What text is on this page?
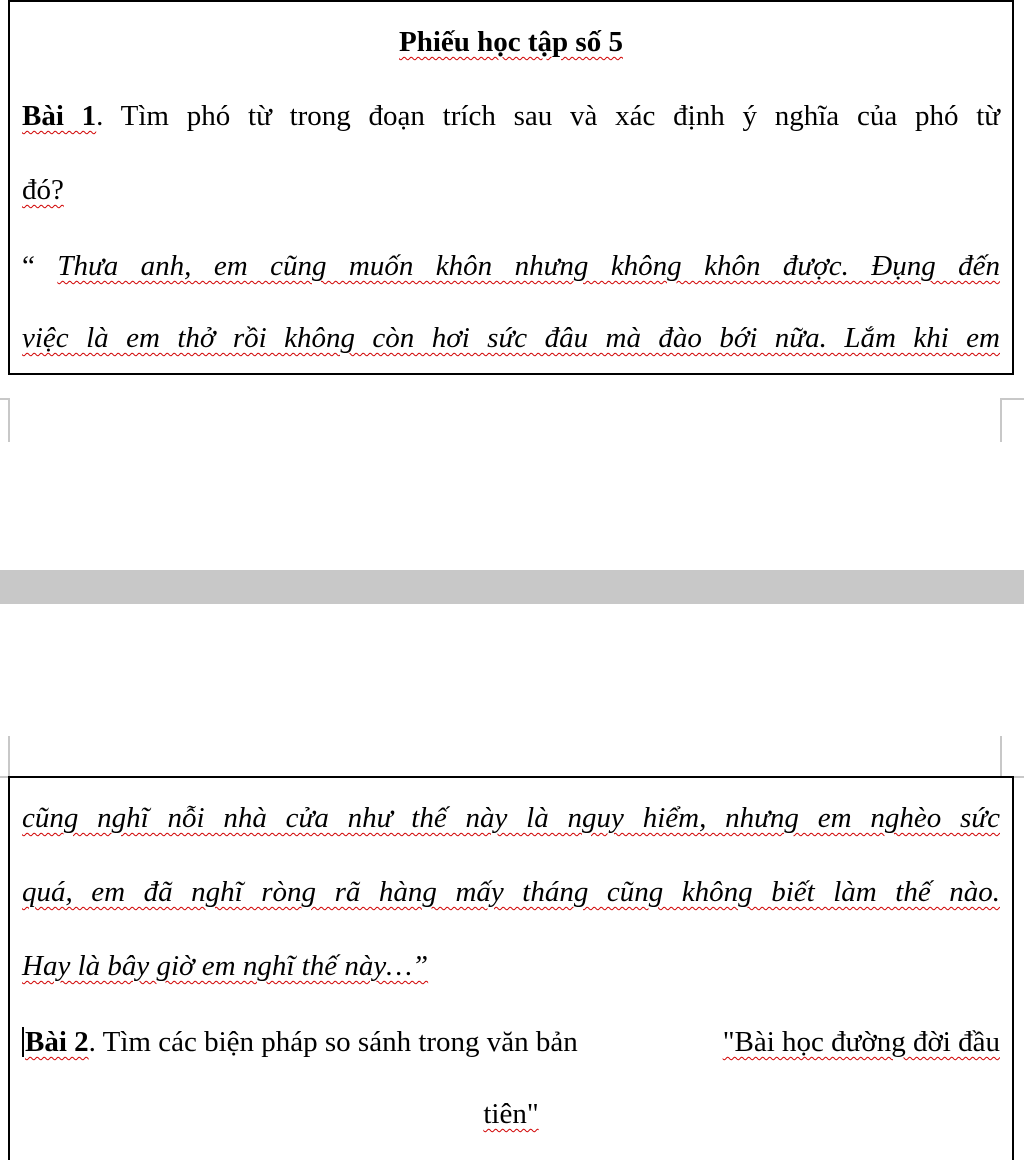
Phiếu học tập số 5
Bài 1. Tìm phó từ trong đoạn trích sau và xác định ý nghĩa của phó từ
đó?
“ Thưa anh, em cũng muốn khôn nhưng không khôn được. Đụng đến
việc là em thở rồi không còn hơi sức đâu mà đào bới nữa. Lắm khi em
cũng nghĩ nỗi nhà cửa như thế này là nguy hiểm, nhưng em nghèo sức
quá, em đã nghĩ ròng rã hàng mấy tháng cũng không biết làm thế nào.
Hay là bây giờ em nghĩ thế này…”
Bài 2. Tìm các biện pháp so sánh trong văn bản	"Bài học đường đời đầu
tiên"
